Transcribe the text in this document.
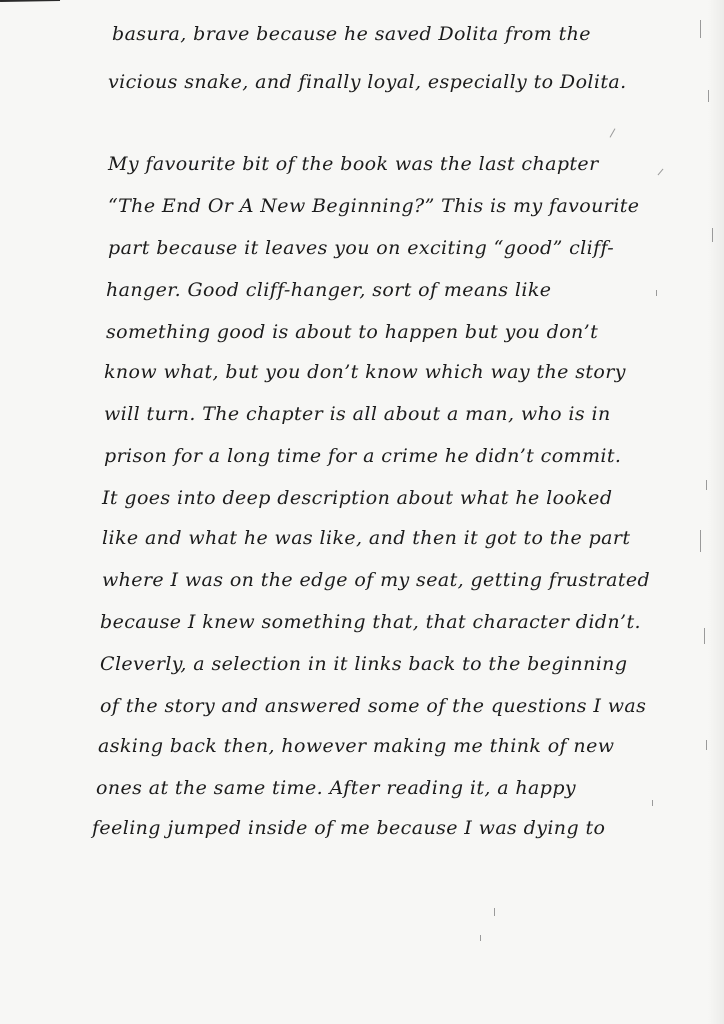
basura, brave because he saved Dolita from the
vicious snake, and finally loyal, especially to Dolita.
My favourite bit of the book was the last chapter
“The End Or A New Beginning?” This is my favourite
part because it leaves you on exciting “good” cliff-
hanger. Good cliff-hanger, sort of means like
something good is about to happen but you don’t
know what, but you don’t know which way the story
will turn. The chapter is all about a man, who is in
prison for a long time for a crime he didn’t commit.
It goes into deep description about what he looked
like and what he was like, and then it got to the part
where I was on the edge of my seat, getting frustrated
because I knew something that, that character didn’t.
Cleverly, a selection in it links back to the beginning
of the story and answered some of the questions I was
asking back then, however making me think of new
ones at the same time. After reading it, a happy
feeling jumped inside of me because I was dying to
